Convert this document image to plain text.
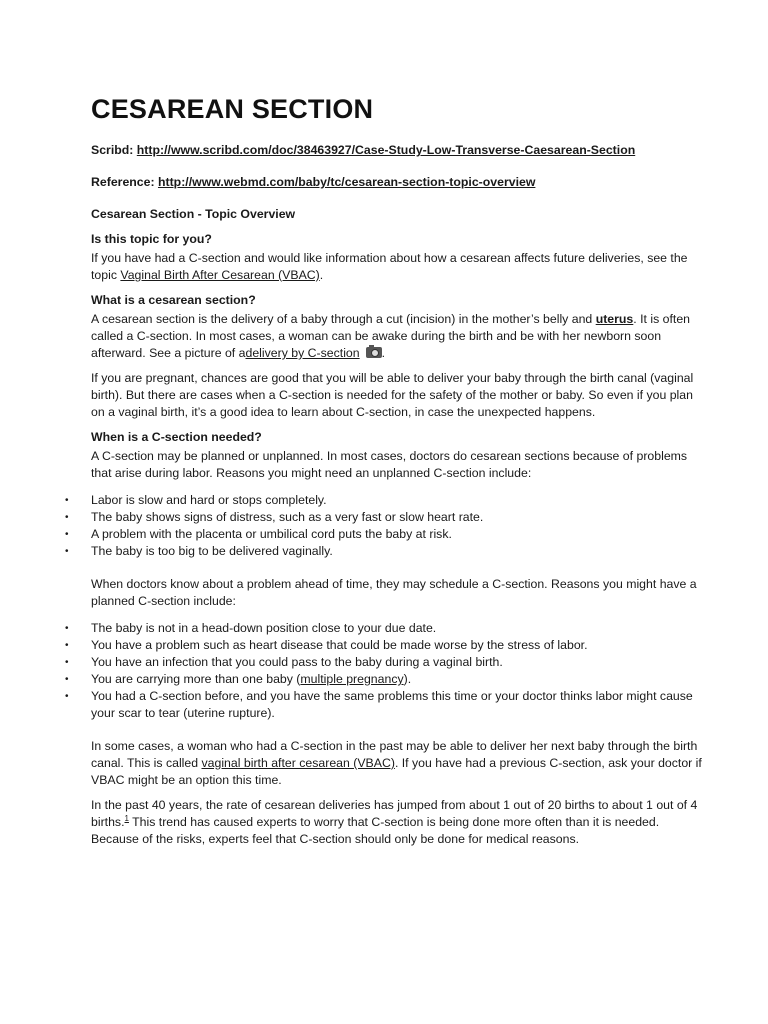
CESAREAN SECTION

Scribd: http://www.scribd.com/doc/38463927/Case-Study-Low-Transverse-Caesarean-Section

Reference: http://www.webmd.com/baby/tc/cesarean-section-topic-overview

Cesarean Section - Topic Overview

Is this topic for you?

If you have had a C-section and would like information about how a cesarean affects future deliveries, see the topic Vaginal Birth After Cesarean (VBAC).

What is a cesarean section?

A cesarean section is the delivery of a baby through a cut (incision) in the mother’s belly and uterus. It is often called a C-section. In most cases, a woman can be awake during the birth and be with her newborn soon afterward. See a picture of adelivery by C-section .

If you are pregnant, chances are good that you will be able to deliver your baby through the birth canal (vaginal birth). But there are cases when a C-section is needed for the safety of the mother or baby. So even if you plan on a vaginal birth, it’s a good idea to learn about C-section, in case the unexpected happens.

When is a C-section needed?

A C-section may be planned or unplanned. In most cases, doctors do cesarean sections because of problems that arise during labor. Reasons you might need an unplanned C-section include:

• Labor is slow and hard or stops completely.
• The baby shows signs of distress, such as a very fast or slow heart rate.
• A problem with the placenta or umbilical cord puts the baby at risk.
• The baby is too big to be delivered vaginally.

When doctors know about a problem ahead of time, they may schedule a C-section. Reasons you might have a planned C-section include:

• The baby is not in a head-down position close to your due date.
• You have a problem such as heart disease that could be made worse by the stress of labor.
• You have an infection that you could pass to the baby during a vaginal birth.
• You are carrying more than one baby (multiple pregnancy).
• You had a C-section before, and you have the same problems this time or your doctor thinks labor might cause your scar to tear (uterine rupture).

In some cases, a woman who had a C-section in the past may be able to deliver her next baby through the birth canal. This is called vaginal birth after cesarean (VBAC). If you have had a previous C-section, ask your doctor if VBAC might be an option this time.

In the past 40 years, the rate of cesarean deliveries has jumped from about 1 out of 20 births to about 1 out of 4 births.$^1$ This trend has caused experts to worry that C-section is being done more often than it is needed. Because of the risks, experts feel that C-section should only be done for medical reasons.
